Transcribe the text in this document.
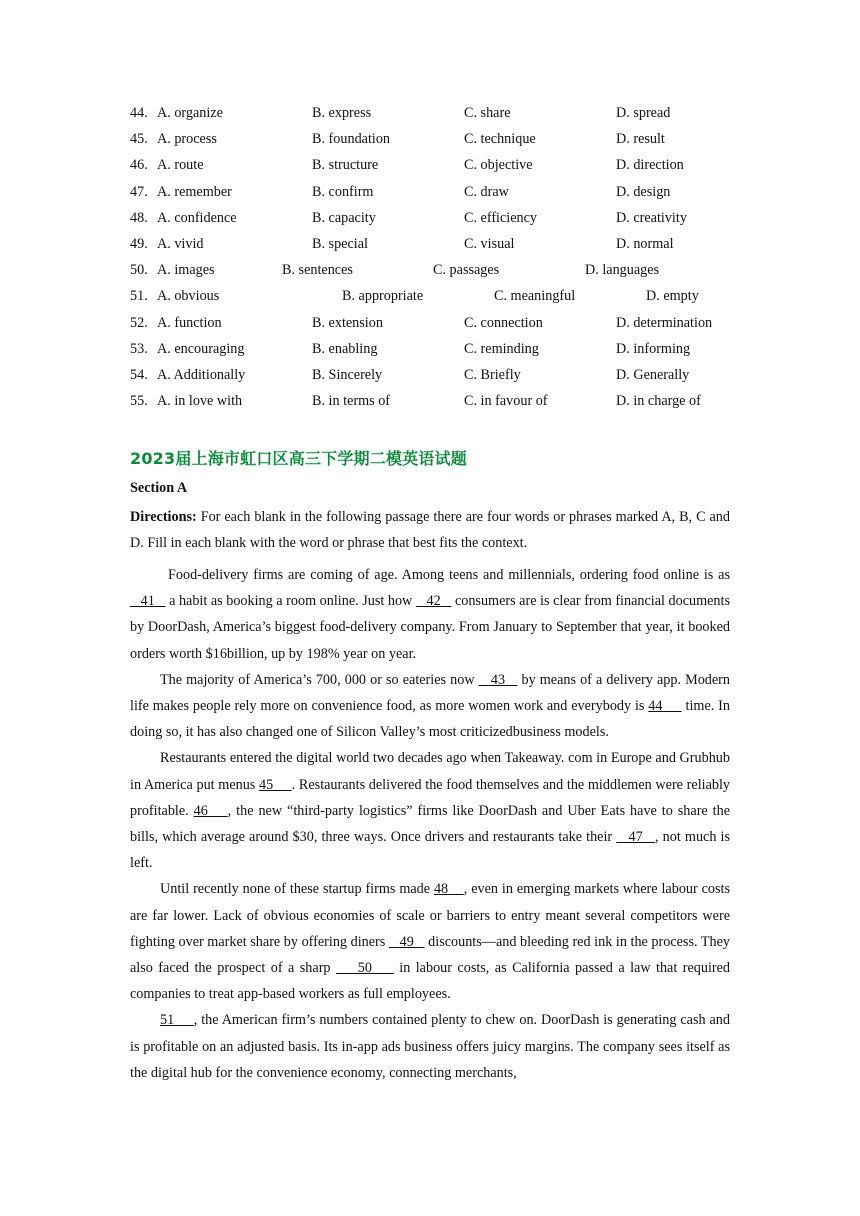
44. A. organize	B. express	C. share	D. spread
45. A. process	B. foundation	C. technique	D. result
46. A. route	B. structure	C. objective	D. direction
47. A. remember	B. confirm	C. draw	D. design
48. A. confidence	B. capacity	C. efficiency	D. creativity
49. A. vivid	B. special	C. visual	D. normal
50. A. images	B. sentences	C. passages	D. languages
51. A. obvious	B. appropriate	C. meaningful	D. empty
52. A. function	B. extension	C. connection	D. determination
53. A. encouraging	B. enabling	C. reminding	D. informing
54. A. Additionally	B. Sincerely	C. Briefly	D. Generally
55. A. in love with	B. in terms of	C. in favour of	D. in charge of
2023届上海市虹口区高三下学期二模英语试题
Section A
Directions: For each blank in the following passage there are four words or phrases marked A, B, C and D. Fill in each blank with the word or phrase that best fits the context.

Food-delivery firms are coming of age. Among teens and millennials, ordering food online is as    41    a habit as booking a room online. Just how    42    consumers are is clear from financial documents by DoorDash, America’s biggest food-delivery company. From January to September that year, it booked orders worth $16billion, up by 198% year on year.

The majority of America’s 700, 000 or so eateries now    43    by means of a delivery app. Modern life makes people rely more on convenience food, as more women work and everybody is 44      time. In doing so, it has also changed one of Silicon Valley’s most criticizedbusiness models.

Restaurants entered the digital world two decades ago when Takeaway. com in Europe and Grubhub in America put menus 45     . Restaurants delivered the food themselves and the middlemen were reliably profitable. 46    , the new “third-party logistics” firms like DoorDash and Uber Eats have to share the bills, which average around $30, three ways. Once drivers and restaurants take their    47   , not much is left.

Until recently none of these startup firms made 48    , even in emerging markets where labour costs are far lower. Lack of obvious economies of scale or barriers to entry meant several competitors were fighting over market share by offering diners    49    discounts—and bleeding red ink in the process. They also faced the prospect of a sharp     50     in labour costs, as California passed a law that required companies to treat app-based workers as full employees.

51     , the American firm’s numbers contained plenty to chew on. DoorDash is generating cash and is profitable on an adjusted basis. Its in-app ads business offers juicy margins. The company sees itself as the digital hub for the convenience economy, connecting merchants,
